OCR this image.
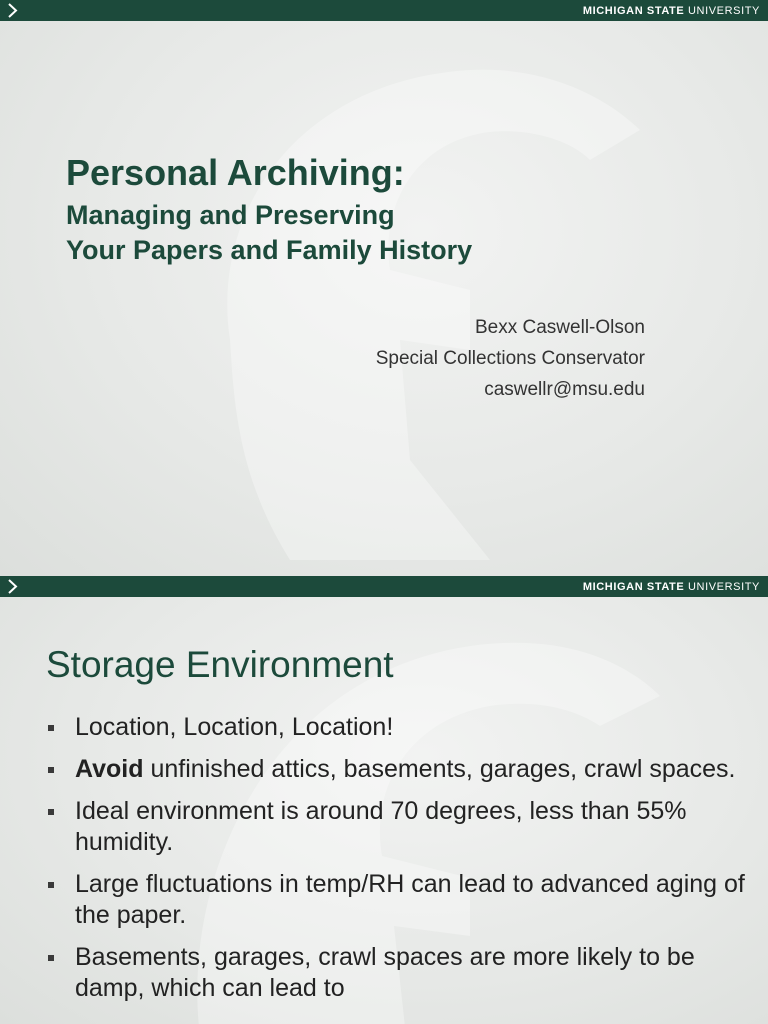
MICHIGAN STATE UNIVERSITY
Personal Archiving:
Managing and Preserving
Your Papers and Family History
Bexx Caswell-Olson
Special Collections Conservator
caswellr@msu.edu
MICHIGAN STATE UNIVERSITY
Storage Environment
Location, Location, Location!
Avoid unfinished attics, basements, garages, crawl spaces.
Ideal environment is around 70 degrees, less than 55% humidity.
Large fluctuations in temp/RH can lead to advanced aging of the paper.
Basements, garages, crawl spaces are more likely to be damp, which can lead to
